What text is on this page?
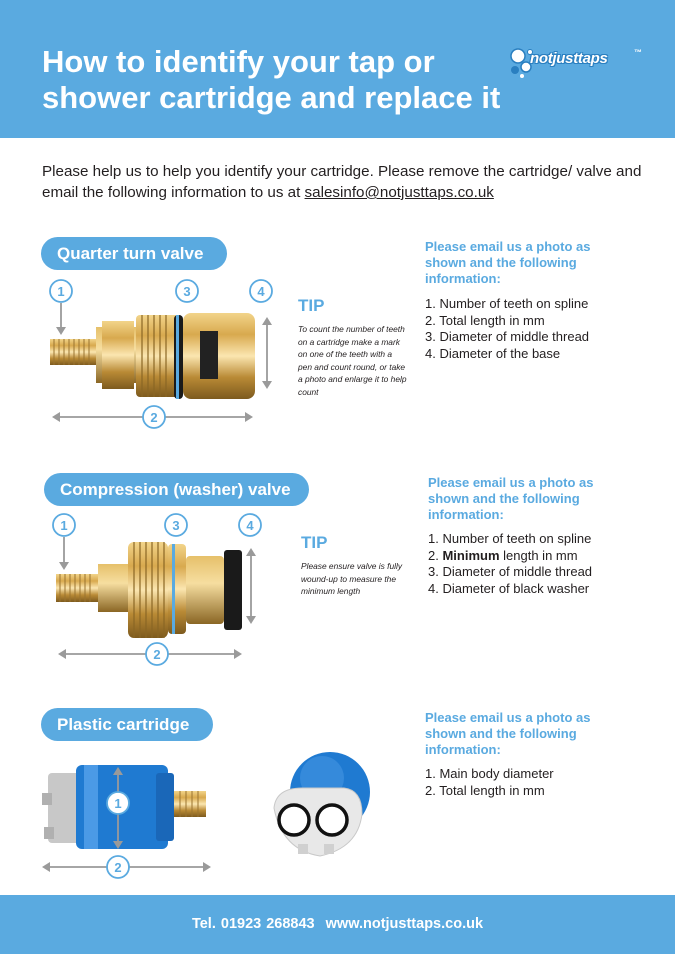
How to identify your tap or
shower cartridge and replace it
notjusttaps	™
Please help us to help you identify your cartridge. Please remove the cartridge/ valve and email the following information to us at salesinfo@notjusttaps.co.uk
Quarter turn valve
1	3	4
2
TIP
To count the number of teeth on a cartridge make a mark on one of the teeth with a pen and count round, or take a photo and enlarge it to help count
Please email us a photo as shown and the following information:
1. Number of teeth on spline
2. Total length in mm
3. Diameter of middle thread
4. Diameter of the base
Compression (washer) valve
1	3	4
2
TIP
Please ensure valve is fully wound-up to measure the minimum length
Please email us a photo as shown and the following information:
1. Number of teeth on spline
2. Minimum length in mm
3. Diameter of middle thread
4. Diameter of black washer
Plastic cartridge
1
2
Please email us a photo as shown and the following information:
1. Main body diameter
2. Total length in mm
Tel. 01923 268843 www.notjusttaps.co.uk
